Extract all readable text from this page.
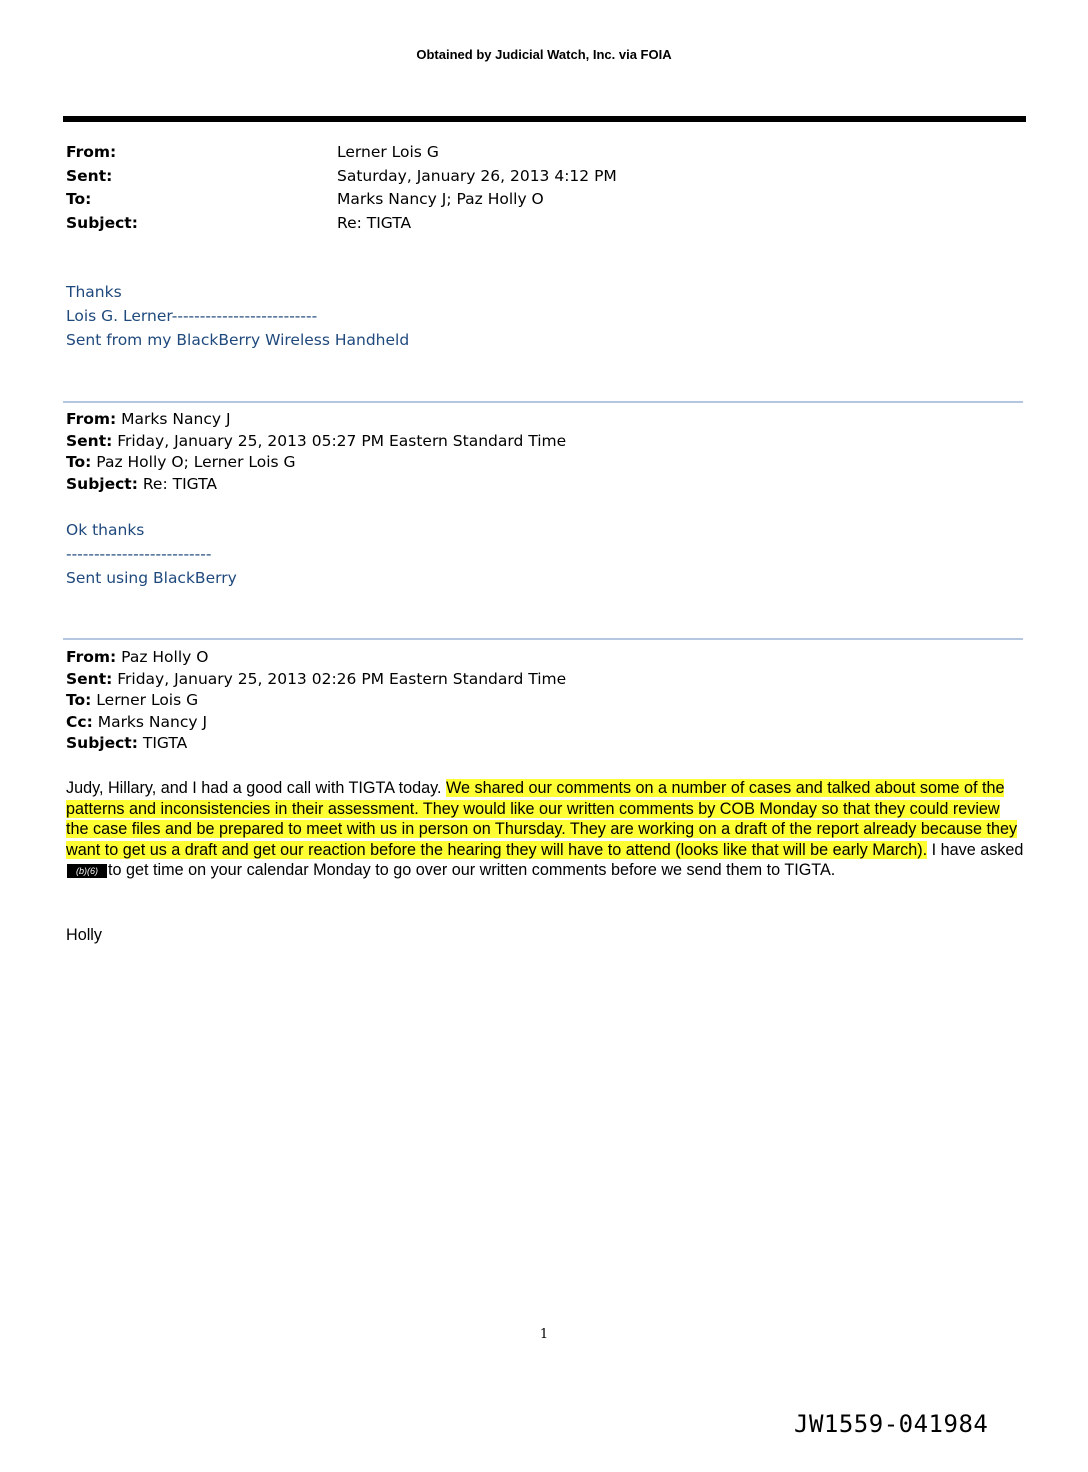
Obtained by Judicial Watch, Inc. via FOIA
From:	Lerner Lois G
Sent:	Saturday, January 26, 2013 4:12 PM
To:	Marks Nancy J; Paz Holly O
Subject:	Re: TIGTA
Thanks
Lois G. Lerner--------------------------
Sent from my BlackBerry Wireless Handheld
From: Marks Nancy J
Sent: Friday, January 25, 2013 05:27 PM Eastern Standard Time
To: Paz Holly O; Lerner Lois G
Subject: Re: TIGTA
Ok thanks
--------------------------
Sent using BlackBerry
From: Paz Holly O
Sent: Friday, January 25, 2013 02:26 PM Eastern Standard Time
To: Lerner Lois G
Cc: Marks Nancy J
Subject: TIGTA
Judy, Hillary, and I had a good call with TIGTA today. We shared our comments on a number of cases and talked about some of the patterns and inconsistencies in their assessment. They would like our written comments by COB Monday so that they could review the case files and be prepared to meet with us in person on Thursday. They are working on a draft of the report already because they want to get us a draft and get our reaction before the hearing they will have to attend (looks like that will be early March). I have asked (b)(6) to get time on your calendar Monday to go over our written comments before we send them to TIGTA.
Holly
1
JW1559-041984
